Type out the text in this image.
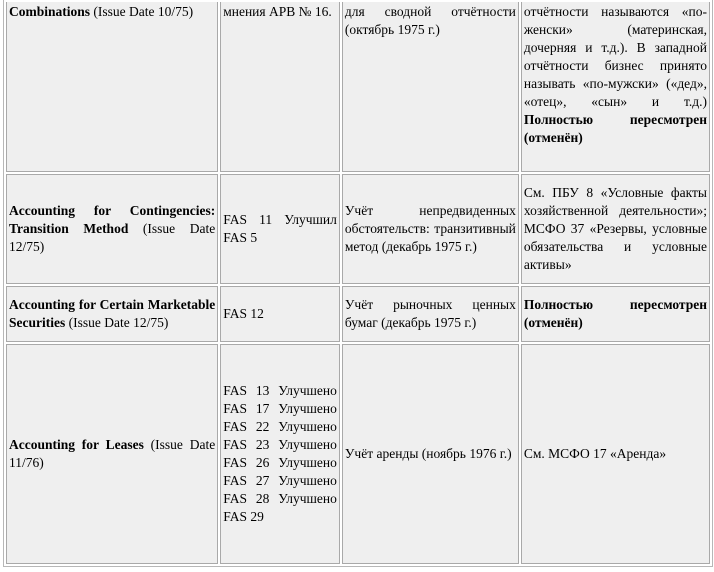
Combinations (Issue Date 10/75)	мнения APB № 16.	для сводной отчётности (октябрь 1975 г.)	отчётности называются «по-женски» (материнская, дочерняя и т.д.). В западной отчётности бизнес принято называть «по-мужски» («дед», «отец», «сын» и т.д.) Полностью пересмотрен (отменён)
Accounting for Contingencies: Transition Method (Issue Date 12/75)	FAS 11 Улучшил FAS 5	Учёт непредвиденных обстоятельств: транзитивный метод (декабрь 1975 г.)	См. ПБУ 8 «Условные факты хозяйственной деятельности»; МСФО 37 «Резервы, условные обязательства и условные активы»
Accounting for Certain Marketable Securities (Issue Date 12/75)	FAS 12	Учёт рыночных ценных бумаг (декабрь 1975 г.)	Полностью пересмотрен (отменён)
Accounting for Leases (Issue Date 11/76)	FAS 13 Улучшено FAS 17 Улучшено FAS 22 Улучшено FAS 23 Улучшено FAS 26 Улучшено FAS 27 Улучшено FAS 28 Улучшено FAS 29	Учёт аренды (ноябрь 1976 г.)	См. МСФО 17 «Аренда»
